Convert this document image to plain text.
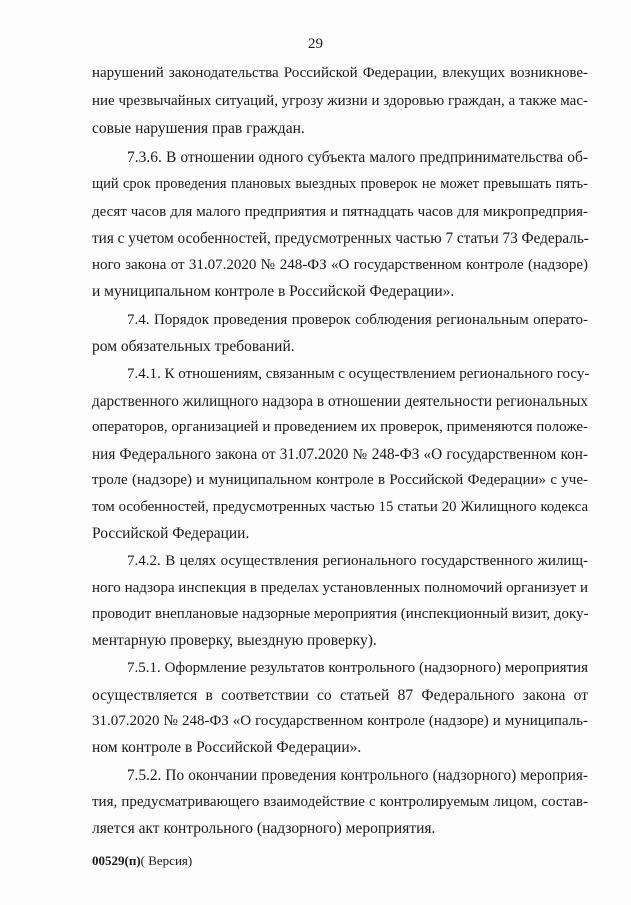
29
нарушений законодательства Российской Федерации, влекущих возникнове-
ние чрезвычайных ситуаций, угрозу жизни и здоровью граждан, а также мас-
совые нарушения прав граждан.
7.3.6. В отношении одного субъекта малого предпринимательства об-
щий срок проведения плановых выездных проверок не может превышать пять-
десят часов для малого предприятия и пятнадцать часов для микропредприя-
тия с учетом особенностей, предусмотренных частью 7 статьи 73 Федераль-
ного закона от 31.07.2020 № 248-ФЗ «О государственном контроле (надзоре)
и муниципальном контроле в Российской Федерации».
7.4. Порядок проведения проверок соблюдения региональным операто-
ром обязательных требований.
7.4.1. К отношениям, связанным с осуществлением регионального госу-
дарственного жилищного надзора в отношении деятельности региональных
операторов, организацией и проведением их проверок, применяются положе-
ния Федерального закона от 31.07.2020 № 248-ФЗ «О государственном кон-
троле (надзоре) и муниципальном контроле в Российской Федерации» с уче-
том особенностей, предусмотренных частью 15 статьи 20 Жилищного кодекса
Российской Федерации.
7.4.2. В целях осуществления регионального государственного жилищ-
ного надзора инспекция в пределах установленных полномочий организует и
проводит внеплановые надзорные мероприятия (инспекционный визит, доку-
ментарную проверку, выездную проверку).
7.5.1. Оформление результатов контрольного (надзорного) мероприятия
осуществляется в соответствии со статьей 87 Федерального закона от
31.07.2020 № 248-ФЗ «О государственном контроле (надзоре) и муниципаль-
ном контроле в Российской Федерации».
7.5.2. По окончании проведения контрольного (надзорного) мероприя-
тия, предусматривающего взаимодействие с контролируемым лицом, состав-
ляется акт контрольного (надзорного) мероприятия.
00529(п)( Версия)
